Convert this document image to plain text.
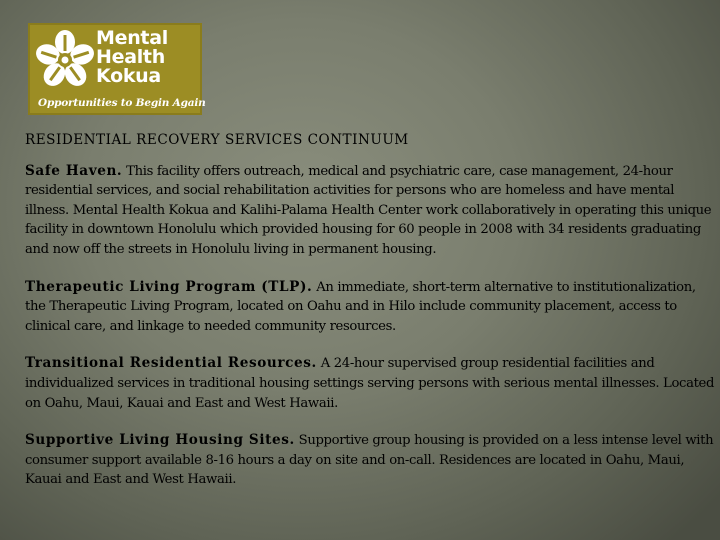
Mental
Health
Kokua
Opportunities to Begin Again
RESIDENTIAL RECOVERY SERVICES CONTINUUM

Safe Haven. This facility offers outreach, medical and psychiatric care, case management, 24-hour residential services, and social rehabilitation activities for persons who are homeless and have mental illness. Mental Health Kokua and Kalihi-Palama Health Center work collaboratively in operating this unique facility in downtown Honolulu which provided housing for 60 people in 2008 with 34 residents graduating and now off the streets in Honolulu living in permanent housing.

Therapeutic Living Program (TLP). An immediate, short-term alternative to institutionalization, the Therapeutic Living Program, located on Oahu and in Hilo include community placement, access to clinical care, and linkage to needed community resources.

Transitional Residential Resources. A 24-hour supervised group residential facilities and individualized services in traditional housing settings serving persons with serious mental illnesses. Located on Oahu, Maui, Kauai and East and West Hawaii.

Supportive Living Housing Sites. Supportive group housing is provided on a less intense level with consumer support available 8-16 hours a day on site and on-call. Residences are located in Oahu, Maui, Kauai and East and West Hawaii.
